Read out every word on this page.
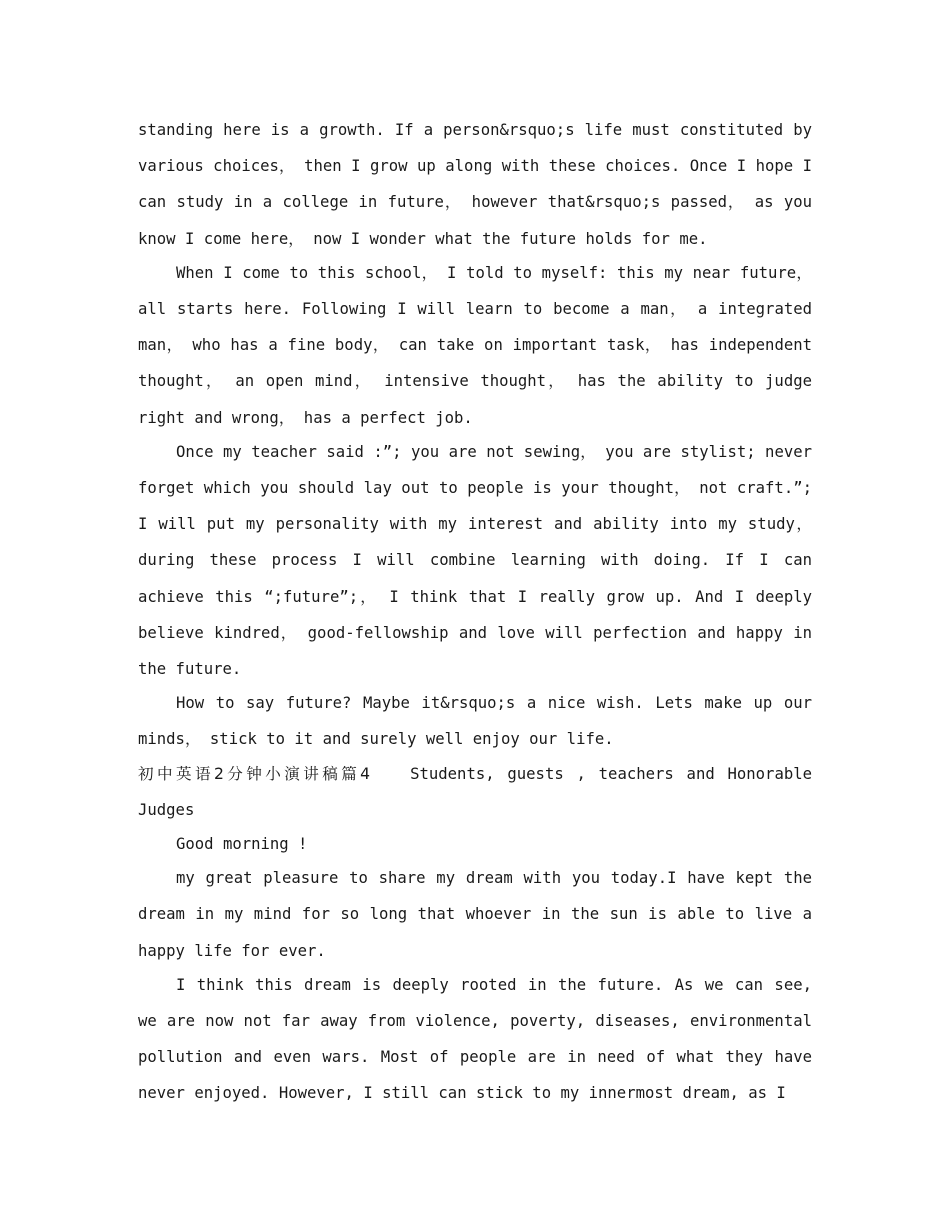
standing here is a growth. If a person&rsquo;s life must constituted by various choices， then I grow up along with these choices. Once I hope I can study in a college in future， however that&rsquo;s passed， as you know I come here， now I wonder what the future holds for me.

When I come to this school， I told to myself: this my near future， all starts here. Following I will learn to become a man， a integrated man， who has a fine body， can take on important task， has independent thought， an open mind， intensive thought， has the ability to judge right and wrong， has a perfect job.

Once my teacher said :”; you are not sewing， you are stylist; never forget which you should lay out to people is your thought， not craft.”; I will put my personality with my interest and ability into my study， during these process I will combine learning with doing. If I can achieve this “;future”;， I think that I really grow up. And I deeply believe kindred， good-fellowship and love will perfection and happy in the future.

How to say future? Maybe it&rsquo;s a nice wish. Lets make up our minds， stick to it and surely well enjoy our life.

初中英语2分钟小演讲稿篇4	Students, guests , teachers and Honorable Judges

Good morning !

my great pleasure to share my dream with you today.I have kept the dream in my mind for so long that whoever in the sun is able to live a happy life for ever.

I think this dream is deeply rooted in the future. As we can see, we are now not far away from violence, poverty, diseases, environmental pollution and even wars. Most of people are in need of what they have never enjoyed. However, I still can stick to my innermost dream, as I
